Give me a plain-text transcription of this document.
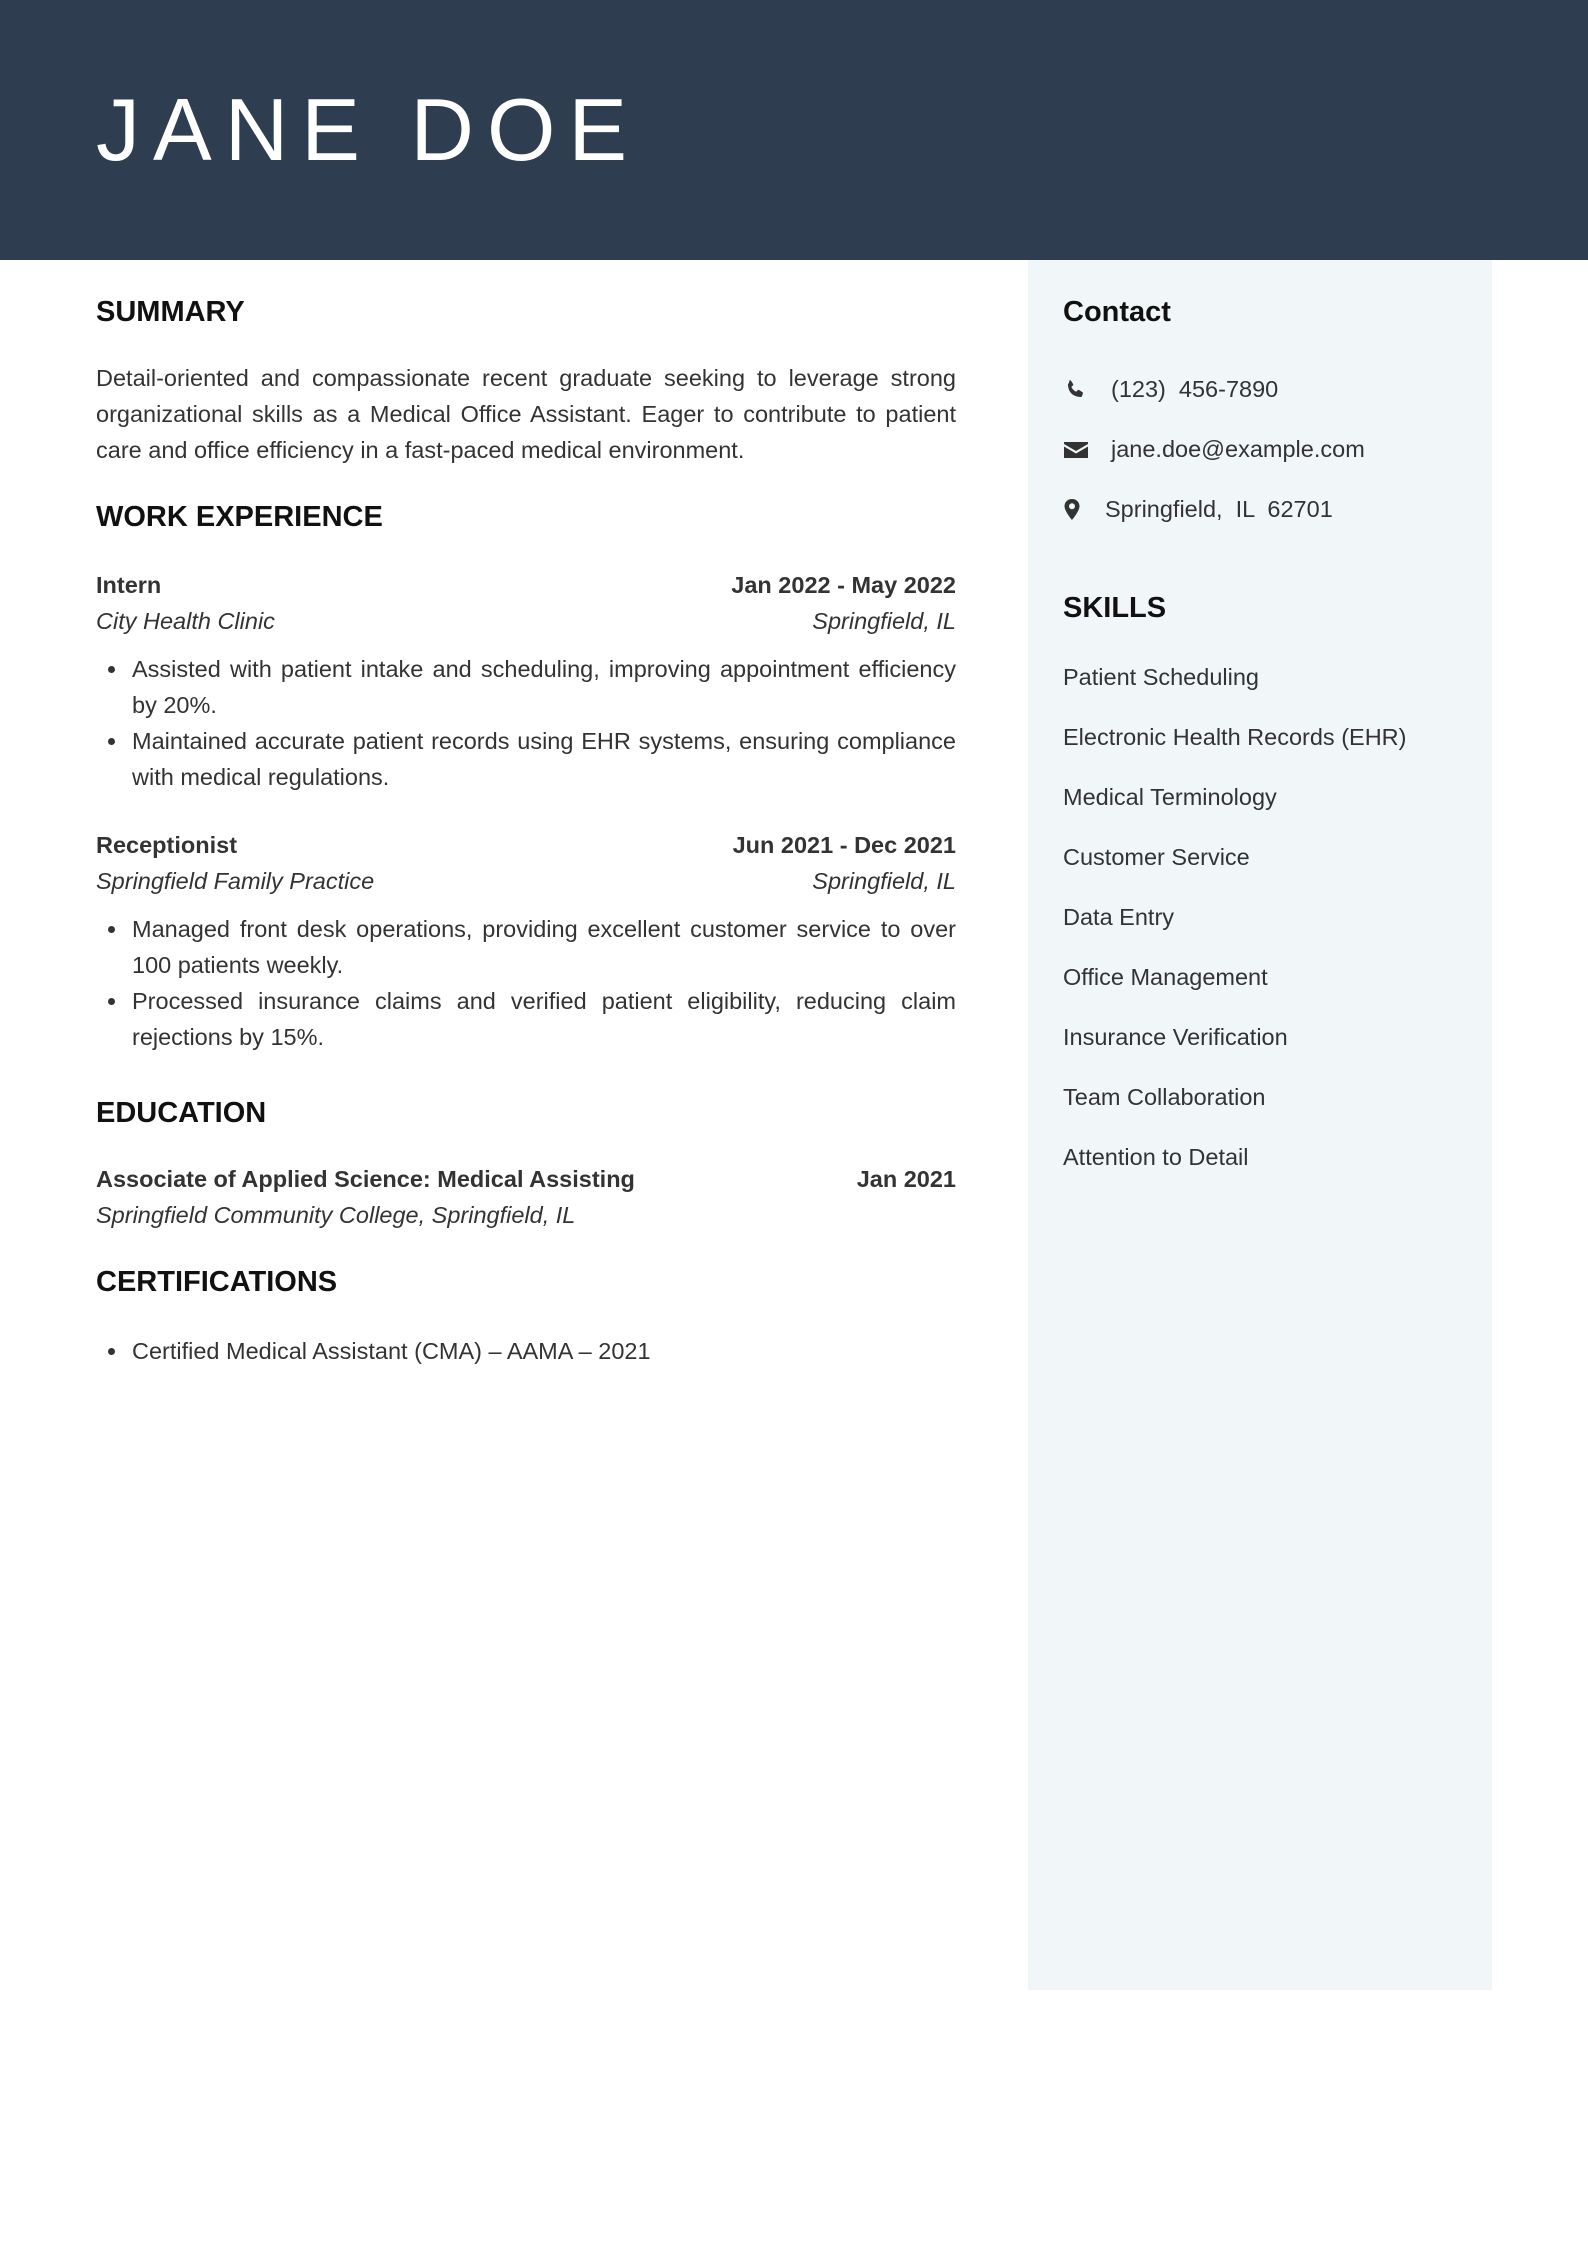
JANE DOE
Contact
(123)  456-7890
jane.doe@example.com
Springfield,  IL  62701
SKILLS
Patient Scheduling
Electronic Health Records (EHR)
Medical Terminology
Customer Service
Data Entry
Office Management
Insurance Verification
Team Collaboration
Attention to Detail
SUMMARY

Detail-oriented and compassionate recent graduate seeking to leverage strong organizational skills as a Medical Office Assistant. Eager to contribute to patient care and office efficiency in a fast-paced medical environment.

WORK EXPERIENCE
Intern	Jan 2022 - May 2022
City Health Clinic	Springfield, IL
Assisted with patient intake and scheduling, improving appointment efficiency by 20%.
Maintained accurate patient records using EHR systems, ensuring compliance with medical regulations.
Receptionist	Jun 2021 - Dec 2021
Springfield Family Practice	Springfield, IL
Managed front desk operations, providing excellent customer service to over 100 patients weekly.
Processed insurance claims and verified patient eligibility, reducing claim rejections by 15%.
EDUCATION
Associate of Applied Science: Medical Assisting	Jan 2021
Springfield Community College, Springfield, IL
CERTIFICATIONS
Certified Medical Assistant (CMA) – AAMA – 2021
